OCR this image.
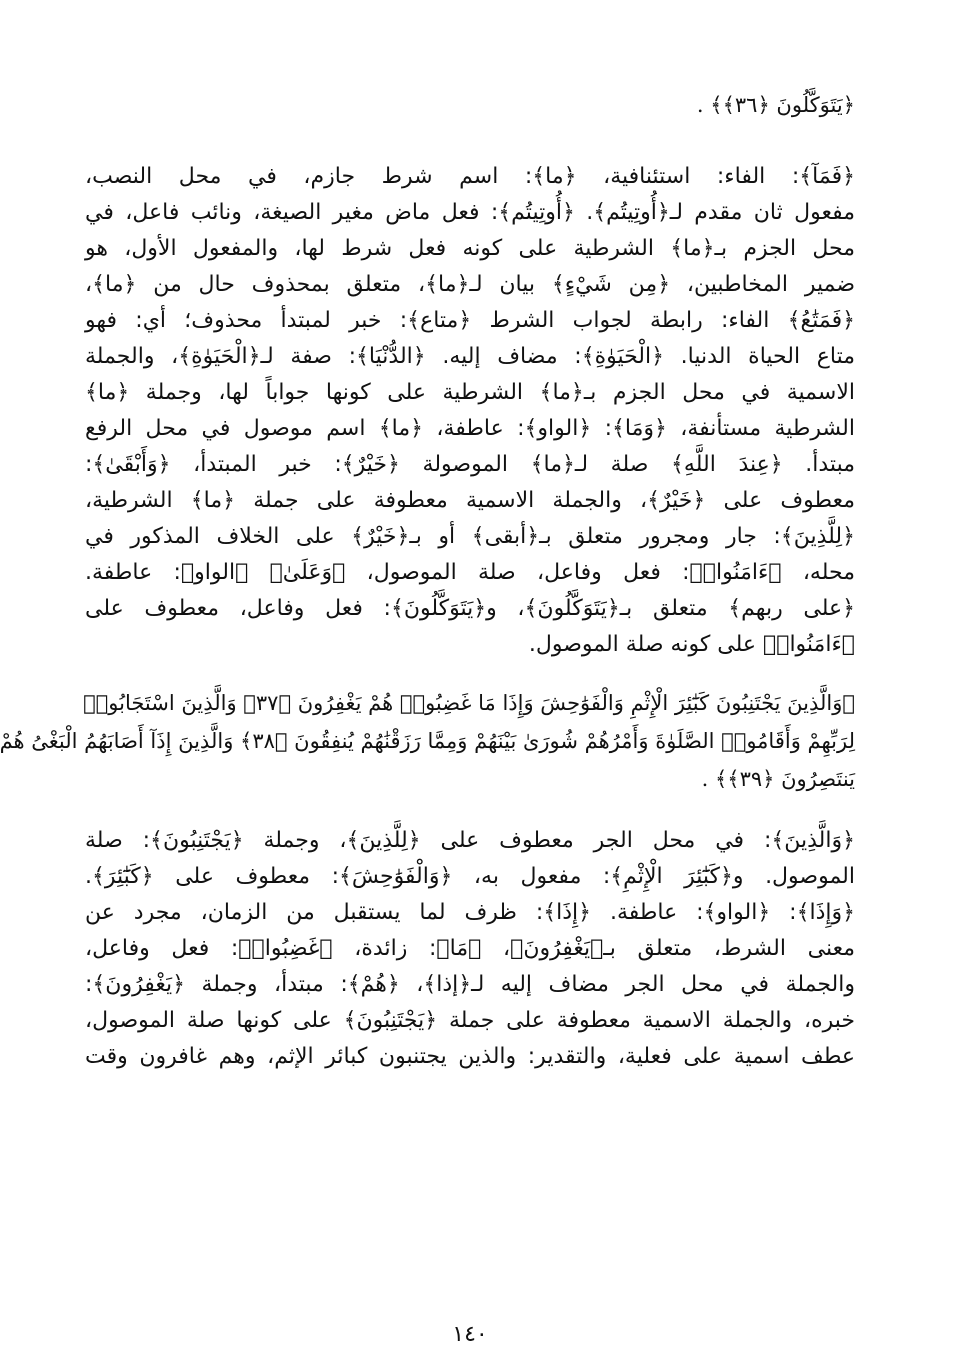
﴿يَتَوَكَّلُونَ ﴿٣٦﴾﴾ .

﴿فَمَآ﴾: الفاء: استئنافية، ﴿ما﴾: اسم شرط جازم، في محل النصب،

مفعول ثان مقدم لـ﴿أُوتِيتُم﴾. ﴿أُوتِيتُم﴾: فعل ماض مغير الصيغة، ونائب فاعل، في

محل الجزم بـ﴿ما﴾ الشرطية على كونه فعل شرط لها، والمفعول الأول، هو

ضمير المخاطبين، ﴿مِن شَيْءٍ﴾ بيان لـ﴿ما﴾، متعلق بمحذوف حال من ﴿ما﴾،

﴿فَمَتَٰعُ﴾ الفاء: رابطة لجواب الشرط ﴿متاع﴾: خبر لمبتدأ محذوف؛ أي: فهو

متاع الحياة الدنيا. ﴿الْحَيَوٰةِ﴾: مضاف إليه. ﴿الدُّنْيَا﴾: صفة لـ﴿الْحَيَوٰةِ﴾، والجملة

الاسمية في محل الجزم بـ﴿ما﴾ الشرطية على كونها جواباً لها، وجملة ﴿ما﴾

الشرطية مستأنفة، ﴿وَمَا﴾: ﴿الواو﴾: عاطفة، ﴿ما﴾ اسم موصول في محل الرفع

مبتدأ. ﴿عِندَ اللَّهِ﴾ صلة لـ﴿ما﴾ الموصولة ﴿خَيْرٌ﴾: خبر المبتدأ، ﴿وَأَبْقَىٰ﴾:

معطوف على ﴿خَيْرٌ﴾، والجملة الاسمية معطوفة على جملة ﴿ما﴾ الشرطية،

﴿لِلَّذِينَ﴾: جار ومجرور متعلق بـ﴿أبقى﴾ أو بـ﴿خَيْرٌ﴾ على الخلاف المذكور في

محله، ﴿ءَامَنُوا۟﴾: فعل وفاعل، صلة الموصول، ﴿وَعَلَىٰ﴾ ﴿الواو﴾: عاطفة.

﴿على ربهم﴾ متعلق بـ﴿يَتَوَكَّلُونَ﴾، و﴿يَتَوَكَّلُونَ﴾: فعل وفاعل، معطوف على

﴿ءَامَنُوا۟﴾ على كونه صلة الموصول.

﴿وَالَّذِينَ يَجْتَنِبُونَ كَبَٰٓئِرَ الْإِثْمِ وَالْفَوَٰحِشَ وَإِذَا مَا غَضِبُوا۟ هُمْ يَغْفِرُونَ ﴿٣٧﴾ وَالَّذِينَ اسْتَجَابُوا۟

لِرَبِّهِمْ وَأَقَامُوا۟ الصَّلَوٰةَ وَأَمْرُهُمْ شُورَىٰ بَيْنَهُمْ وَمِمَّا رَزَقْنَٰهُمْ يُنفِقُونَ ﴿٣٨﴾ وَالَّذِينَ إِذَآ أَصَابَهُمُ الْبَغْىُ هُمْ

يَنتَصِرُونَ ﴿٣٩﴾﴾ .

﴿وَالَّذِينَ﴾: في محل الجر معطوف على ﴿لِلَّذِينَ﴾، وجملة ﴿يَجْتَنِبُونَ﴾: صلة

الموصول. و﴿كَبَٰٓئِرَ الْإِثْمِ﴾: مفعول به، ﴿وَالْفَوَٰحِشَ﴾: معطوف على ﴿كَبَٰٓئِرَ﴾.

﴿وَإِذَا﴾: ﴿الواو﴾: عاطفة. ﴿إِذَا﴾: ظرف لما يستقبل من الزمان، مجرد عن

معنى الشرط، متعلق بـ﴿يَغْفِرُونَ﴾، ﴿مَا﴾: زائدة، ﴿غَضِبُوا۟﴾: فعل وفاعل،

والجملة في محل الجر مضاف إليه لـ﴿إذا﴾، ﴿هُمْ﴾: مبتدأ، وجملة ﴿يَغْفِرُونَ﴾:

خبره، والجملة الاسمية معطوفة على جملة ﴿يَجْتَنِبُونَ﴾ على كونها صلة الموصول،

عطف اسمية على فعلية، والتقدير: والذين يجتنبون كبائر الإثم، وهم غافرون وقت

١٤٠
